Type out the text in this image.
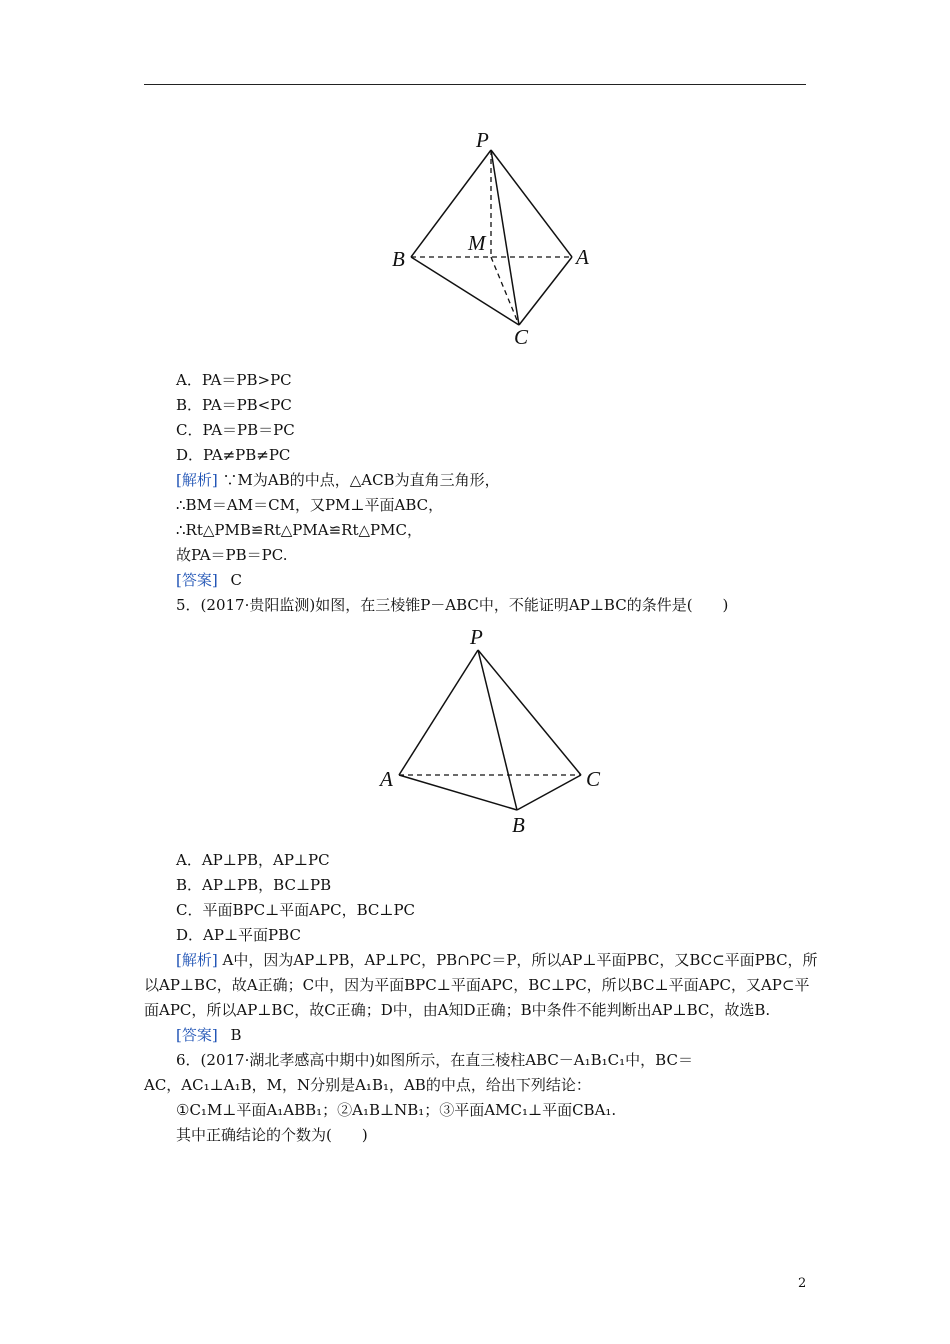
P
B
M
A
C
A．PA＝PB>PC
B．PA＝PB<PC
C．PA＝PB＝PC
D．PA≠PB≠PC
[解析] ∵M为AB的中点，△ACB为直角三角形，
∴BM＝AM＝CM，又PM⊥平面ABC，
∴Rt△PMB≌Rt△PMA≌Rt△PMC，
故PA＝PB＝PC.
[答案] C
5．(2017·贵阳监测)如图，在三棱锥P－ABC中，不能证明AP⊥BC的条件是(　　)
P
A	C
B
A．AP⊥PB，AP⊥PC
B．AP⊥PB，BC⊥PB
C．平面BPC⊥平面APC，BC⊥PC
D．AP⊥平面PBC
[解析] A中，因为AP⊥PB，AP⊥PC，PB∩PC＝P，所以AP⊥平面PBC，又BC⊂平面PBC，所
以AP⊥BC，故A正确；C中，因为平面BPC⊥平面APC，BC⊥PC，所以BC⊥平面APC，又AP⊂平
面APC，所以AP⊥BC，故C正确；D中，由A知D正确；B中条件不能判断出AP⊥BC，故选B.
[答案] B
6．(2017·湖北孝感高中期中)如图所示，在直三棱柱ABC－A₁B₁C₁中，BC＝
AC，AC₁⊥A₁B，M，N分别是A₁B₁，AB的中点，给出下列结论：
①C₁M⊥平面A₁ABB₁；②A₁B⊥NB₁；③平面AMC₁⊥平面CBA₁.
其中正确结论的个数为(　　)
2
